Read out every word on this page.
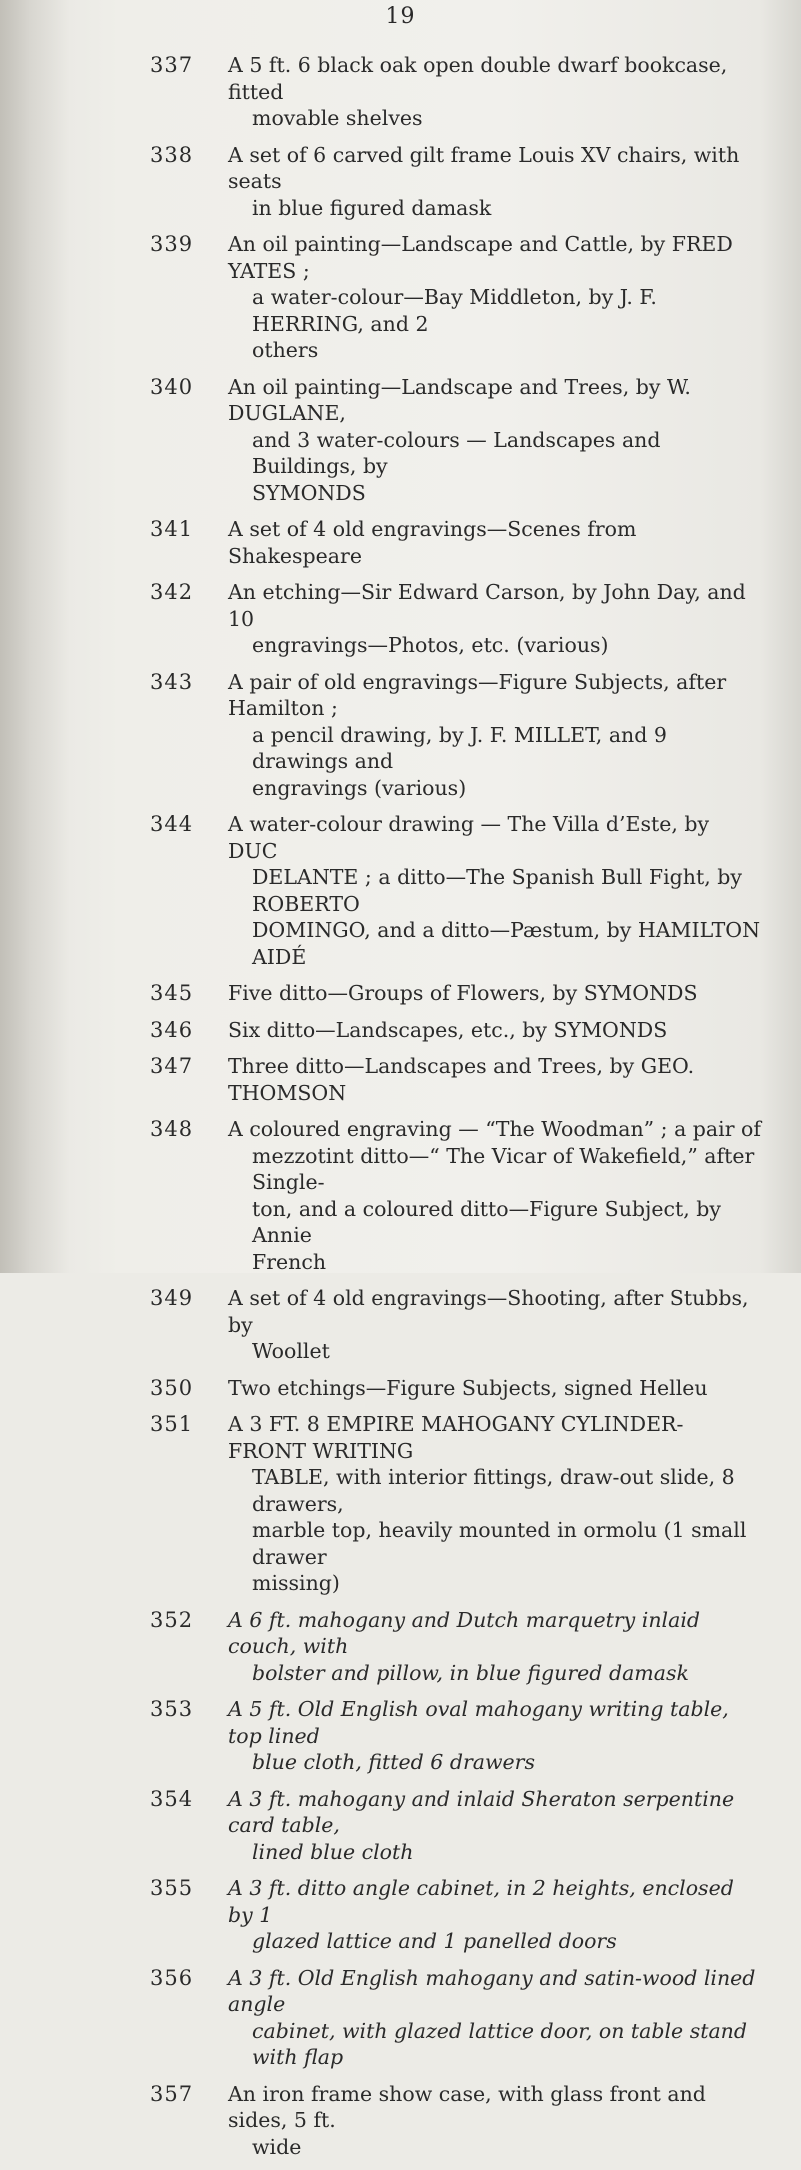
19
337 A 5 ft. 6 black oak open double dwarf bookcase, fitted
movable shelves
338 A set of 6 carved gilt frame Louis XV chairs, with seats
in blue figured damask
339 An oil painting—Landscape and Cattle, by FRED YATES ;
a water-colour—Bay Middleton, by J. F. HERRING, and 2
others
340 An oil painting—Landscape and Trees, by W. DUGLANE,
and 3 water-colours — Landscapes and Buildings, by
SYMONDS
341 A set of 4 old engravings—Scenes from Shakespeare
342 An etching—Sir Edward Carson, by John Day, and 10
engravings—Photos, etc. (various)
343 A pair of old engravings—Figure Subjects, after Hamilton ;
a pencil drawing, by J. F. MILLET, and 9 drawings and
engravings (various)
344 A water-colour drawing — The Villa d’Este, by DUC
DELANTE ; a ditto—The Spanish Bull Fight, by ROBERTO
DOMINGO, and a ditto—Pæstum, by HAMILTON AIDÉ
345 Five ditto—Groups of Flowers, by SYMONDS
346 Six ditto—Landscapes, etc., by SYMONDS
347 Three ditto—Landscapes and Trees, by GEO. THOMSON
348 A coloured engraving — “The Woodman” ; a pair of
mezzotint ditto—“ The Vicar of Wakefield,” after Single-
ton, and a coloured ditto—Figure Subject, by Annie
French
349 A set of 4 old engravings—Shooting, after Stubbs, by
Woollet
350 Two etchings—Figure Subjects, signed Helleu
351 A 3 FT. 8 EMPIRE MAHOGANY CYLINDER-FRONT WRITING
TABLE, with interior fittings, draw-out slide, 8 drawers,
marble top, heavily mounted in ormolu (1 small drawer
missing)
352 A 6 ft. mahogany and Dutch marquetry inlaid couch, with
bolster and pillow, in blue figured damask
353 A 5 ft. Old English oval mahogany writing table, top lined
blue cloth, fitted 6 drawers
354 A 3 ft. mahogany and inlaid Sheraton serpentine card table,
lined blue cloth
355 A 3 ft. ditto angle cabinet, in 2 heights, enclosed by 1
glazed lattice and 1 panelled doors
356 A 3 ft. Old English mahogany and satin-wood lined angle
cabinet, with glazed lattice door, on table stand with flap
357 An iron frame show case, with glass front and sides, 5 ft.
wide
